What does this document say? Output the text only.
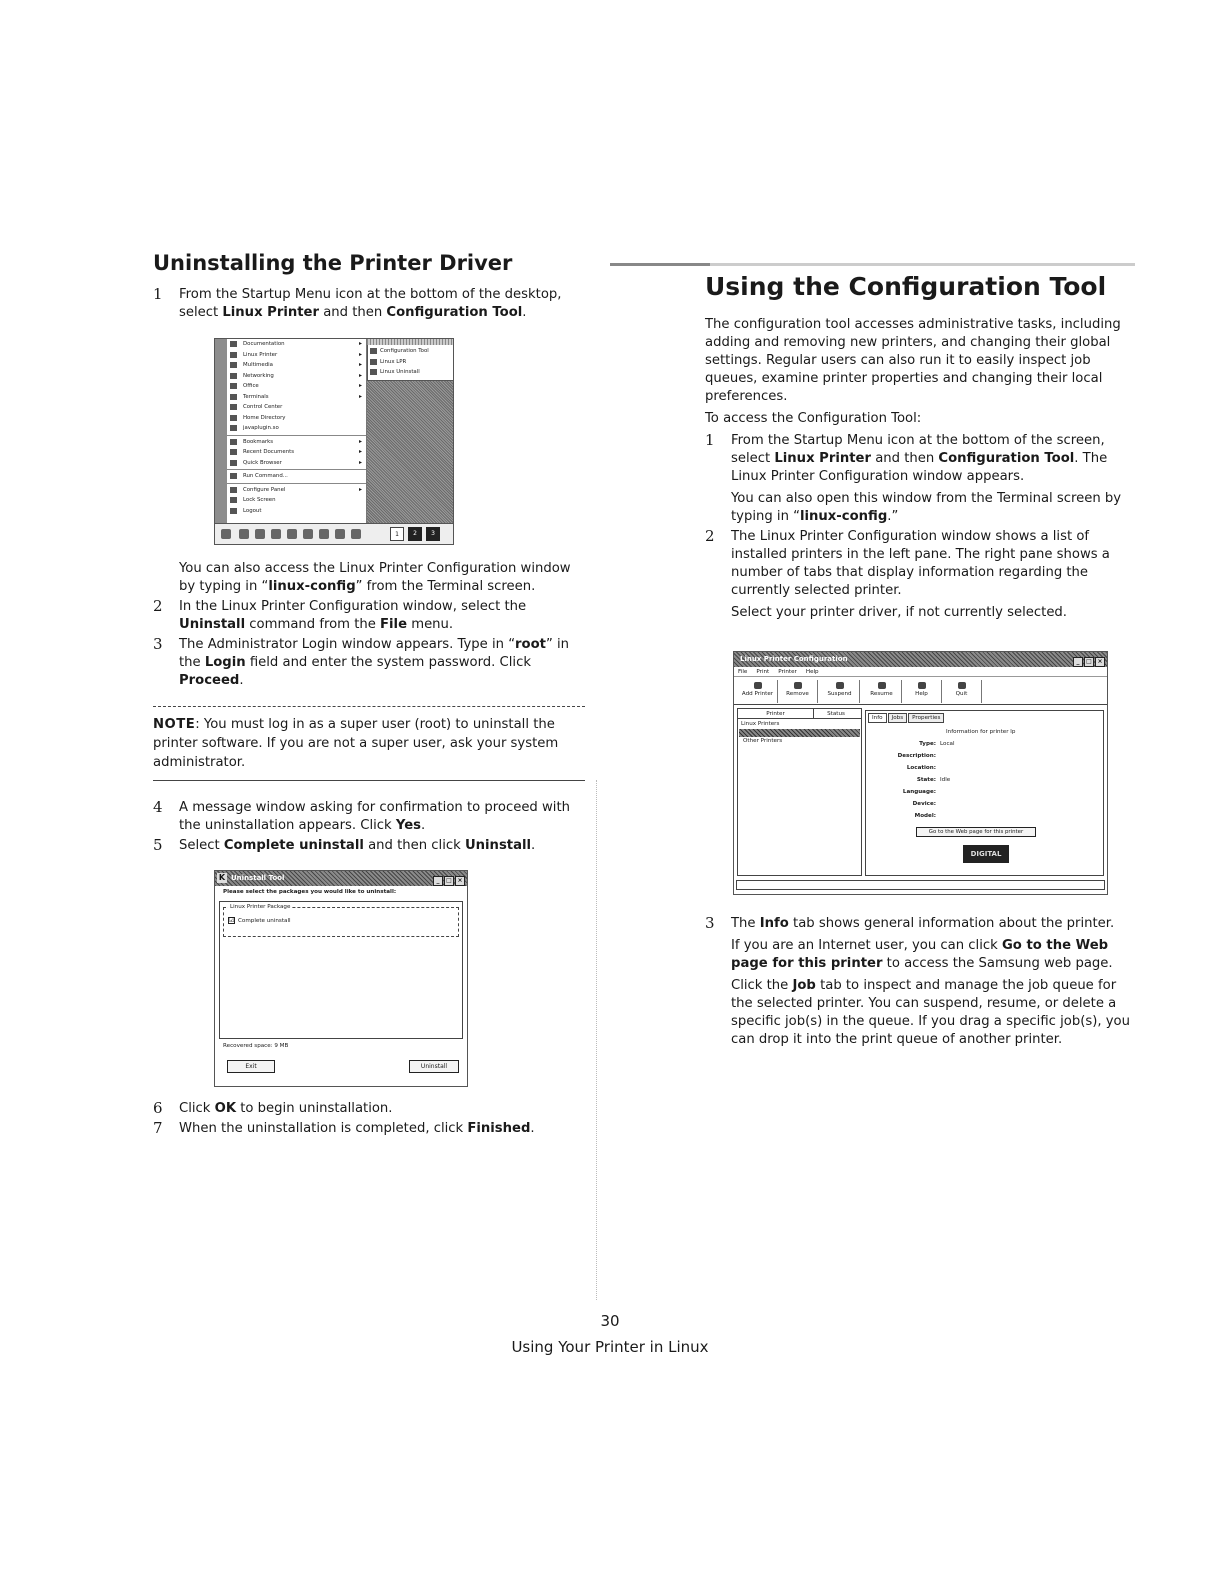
Uninstalling the Printer Driver
1 From the Startup Menu icon at the bottom of the desktop, select Linux Printer and then Configuration Tool.
You can also access the Linux Printer Configuration window by typing in “linux-config” from the Terminal screen.
2 In the Linux Printer Configuration window, select the Uninstall command from the File menu.
3 The Administrator Login window appears. Type in “root” in the Login field and enter the system password. Click Proceed.
NOTE: You must log in as a super user (root) to uninstall the printer software. If you are not a super user, ask your system administrator.
4 A message window asking for confirmation to proceed with the uninstallation appears. Click Yes.
5 Select Complete uninstall and then click Uninstall.
6 Click OK to begin uninstallation.
7 When the uninstallation is completed, click Finished.
Documentation	▸
Linux Printer	▸
Multimedia	▸
Networking	▸
Office	▸
Terminals	▸
Control Center
Home Directory
javaplugin.so
Bookmarks	▸
Recent Documents	▸
Quick Browser	▸
Run Command...
Configure Panel	▸
Lock Screen
Logout
Configuration Tool
Linux LPR
Linux Uninstall
1	2	3
K Uninstall Tool	_ □ ×
Please select the packages you would like to uninstall:
Linux Printer Package
☑ Complete uninstall
Recovered space: 9 MB
Exit	Uninstall
Using the Configuration Tool
The configuration tool accesses administrative tasks, including adding and removing new printers, and changing their global settings. Regular users can also run it to easily inspect job queues, examine printer properties and changing their local preferences.
To access the Configuration Tool:
1 From the Startup Menu icon at the bottom of the screen, select Linux Printer and then Configuration Tool. The Linux Printer Configuration window appears.
You can also open this window from the Terminal screen by typing in “linux-config.”
2 The Linux Printer Configuration window shows a list of installed printers in the left pane. The right pane shows a number of tabs that display information regarding the currently selected printer.
Select your printer driver, if not currently selected.
3 The Info tab shows general information about the printer.
If you are an Internet user, you can click Go to the Web page for this printer to access the Samsung web page.
Click the Job tab to inspect and manage the job queue for the selected printer. You can suspend, resume, or delete a specific job(s) in the queue. If you drag a specific job(s), you can drop it into the print queue of another printer.
Linux Printer Configuration	_ □ ×
File Print Printer Help
Add Printer	Remove	Suspend	Resume	Help	Quit
Printer	Status
Linux Printers
Other Printers
Info Jobs Properties
Information for printer lp
Type: Local
Description:
Location:
State: Idle
Language:
Device:
Model:
Go to the Web page for this printer
DIGITAL
30
Using Your Printer in Linux
